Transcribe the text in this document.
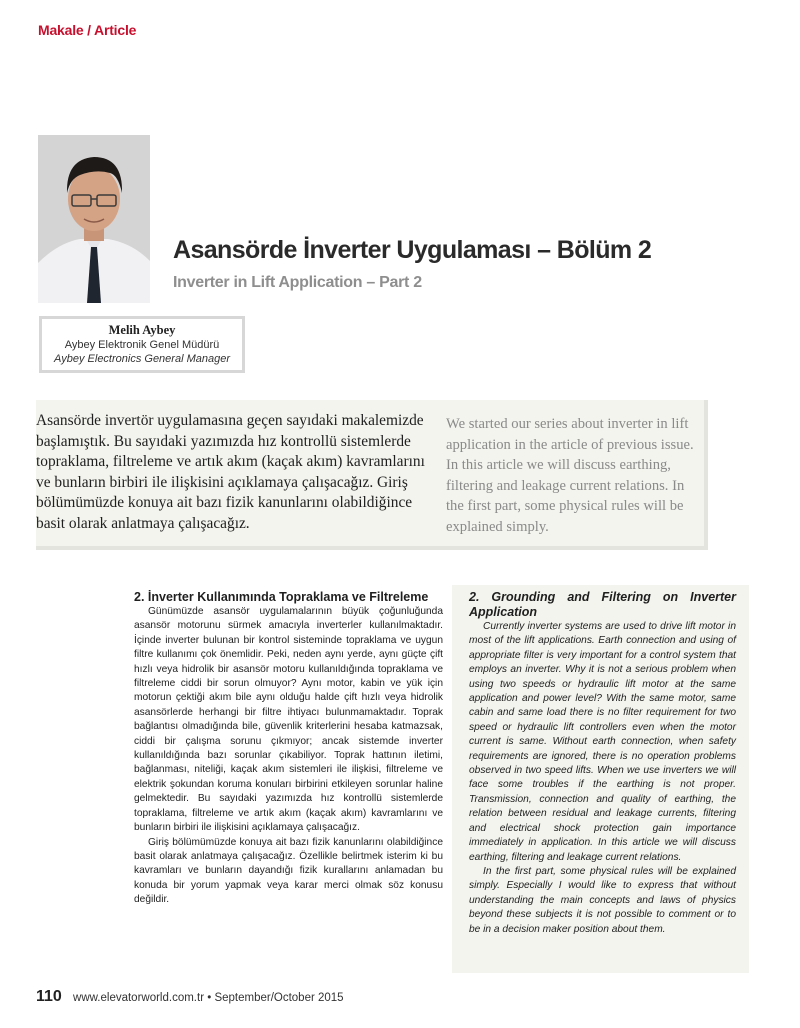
Makale / Article
Asansörde İnverter Uygulaması – Bölüm 2
Inverter in Lift Application – Part 2
Melih Aybey
Aybey Elektronik Genel Müdürü
Aybey Electronics General Manager
Asansörde invertör uygulamasına geçen sayıdaki makalemizde başlamıştık. Bu sayıdaki yazımızda hız kontrollü sistemlerde topraklama, filtreleme ve artık akım (kaçak akım) kavramlarını ve bunların birbiri ile ilişkisini açıklamaya çalışacağız. Giriş bölümümüzde konuya ait bazı fizik kanunlarını olabildiğince basit olarak anlatmaya çalışacağız.
We started our series about inverter in lift application in the article of previous issue. In this article we will discuss earthing, filtering and leakage current relations. In the first part, some physical rules will be explained simply.

2. İnverter Kullanımında Topraklama ve Filtreleme

Günümüzde asansör uygulamalarının büyük çoğunluğunda asansör motorunu sürmek amacıyla inverterler kullanılmaktadır. İçinde inverter bulunan bir kontrol sisteminde topraklama ve uygun filtre kullanımı çok önemlidir. Peki, neden aynı yerde, aynı güçte çift hızlı veya hidrolik bir asansör motoru kullanıldığında topraklama ve filtreleme ciddi bir sorun olmuyor? Aynı motor, kabin ve yük için motorun çektiği akım bile aynı olduğu halde çift hızlı veya hidrolik asansörlerde herhangi bir filtre ihtiyacı bulunmamaktadır. Toprak bağlantısı olmadığında bile, güvenlik kriterlerini hesaba katmazsak, ciddi bir çalışma sorunu çıkmıyor; ancak sistemde inverter kullanıldığında bazı sorunlar çıkabiliyor. Toprak hattının iletimi, bağlanması, niteliği, kaçak akım sistemleri ile ilişkisi, filtreleme ve elektrik şokundan koruma konuları birbirini etkileyen sorunlar haline gelmektedir. Bu sayıdaki yazımızda hız kontrollü sistemlerde topraklama, filtreleme ve artık akım (kaçak akım) kavramlarını ve bunların birbiri ile ilişkisini açıklamaya çalışacağız.

Giriş bölümümüzde konuya ait bazı fizik kanunlarını olabildiğince basit olarak anlatmaya çalışacağız. Özellikle belirtmek isterim ki bu kavramları ve bunların dayandığı fizik kurallarını anlamadan bu konuda bir yorum yapmak veya karar merci olmak söz konusu değildir.

2. Grounding and Filtering on Inverter Application

Currently inverter systems are used to drive lift motor in most of the lift applications. Earth connection and using of appropriate filter is very important for a control system that employs an inverter. Why it is not a serious problem when using two speeds or hydraulic lift motor at the same application and power level? With the same motor, same cabin and same load there is no filter requirement for two speed or hydraulic lift controllers even when the motor current is same. Without earth connection, when safety requirements are ignored, there is no operation problems observed in two speed lifts. When we use inverters we will face some troubles if the earthing is not proper. Transmission, connection and quality of earthing, the relation between residual and leakage currents, filtering and electrical shock protection gain importance immediately in application. In this article we will discuss earthing, filtering and leakage current relations.

In the first part, some physical rules will be explained simply. Especially I would like to express that without understanding the main concepts and laws of physics beyond these subjects it is not possible to comment or to be in a decision maker position about them.

110 www.elevatorworld.com.tr • September/October 2015
